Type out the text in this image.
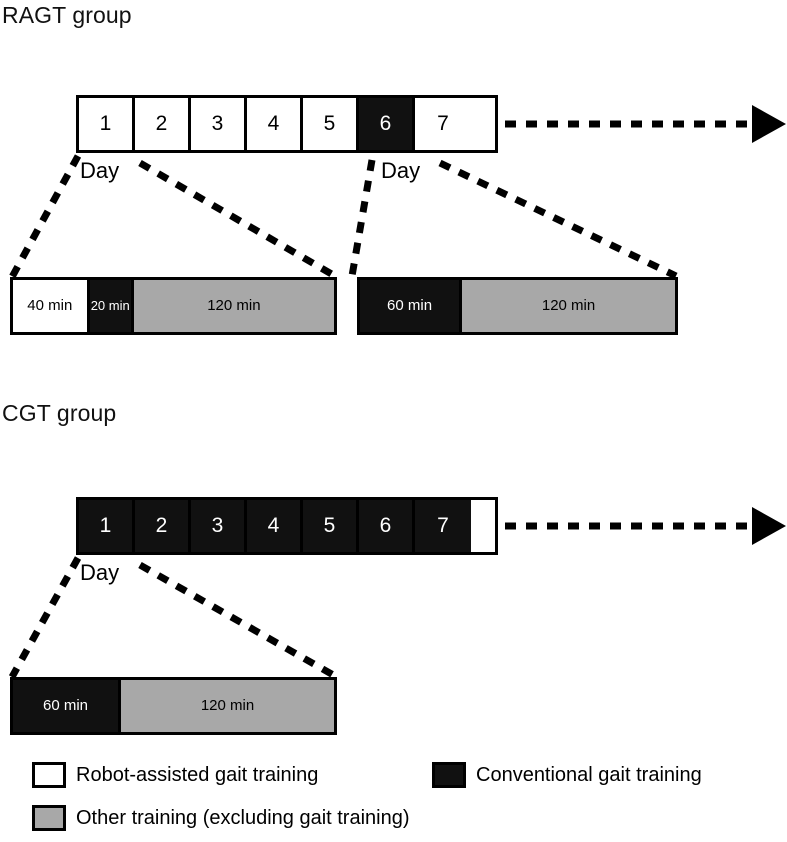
RAGT group
1	2	3	4	5	6	7
Day	Day
40 min	20 min	120 min	60 min	120 min
CGT group
1	2	3	4	5	6	7
Day
60 min	120 min
Robot-assisted gait training	Conventional gait training
Other training (excluding gait training)
